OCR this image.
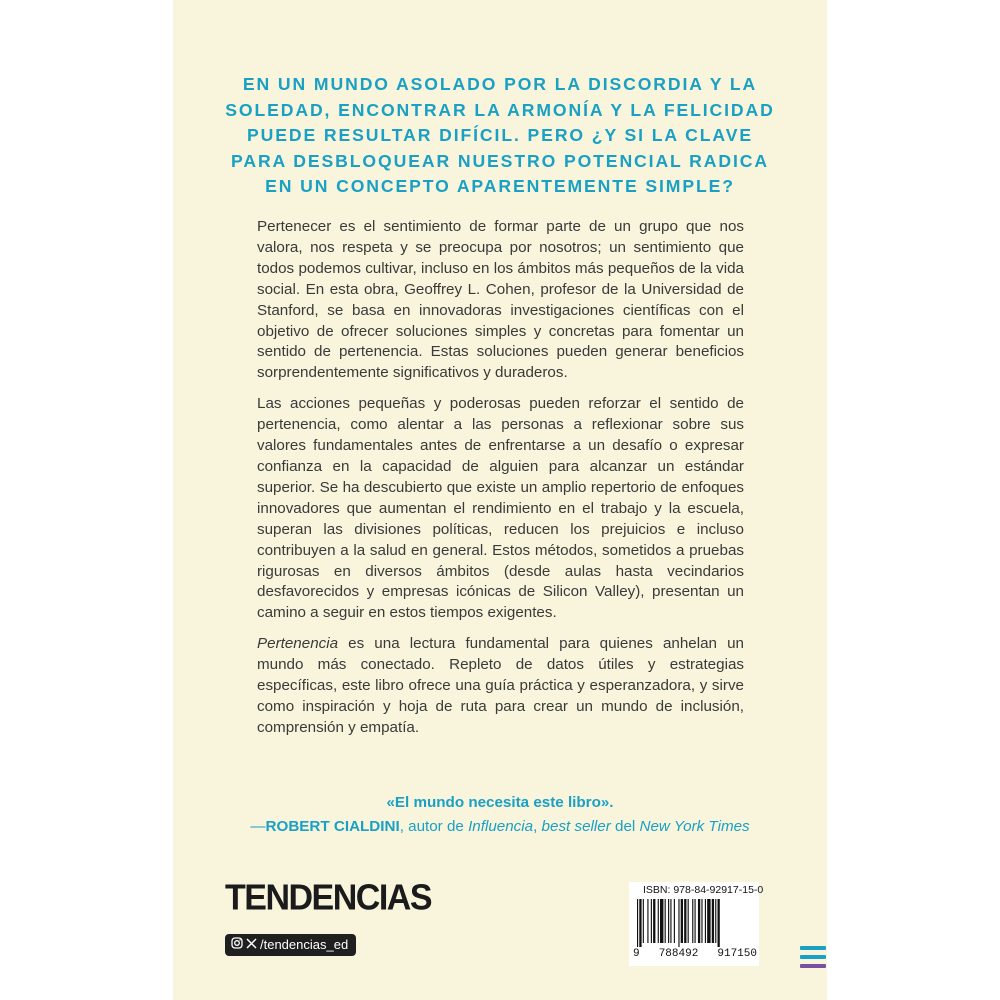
EN UN MUNDO ASOLADO POR LA DISCORDIA Y LA
SOLEDAD, ENCONTRAR LA ARMONÍA Y LA FELICIDAD
PUEDE RESULTAR DIFÍCIL. PERO ¿Y SI LA CLAVE
PARA DESBLOQUEAR NUESTRO POTENCIAL RADICA
EN UN CONCEPTO APARENTEMENTE SIMPLE?

Pertenecer es el sentimiento de formar parte de un grupo que nos valora, nos respeta y se preocupa por nosotros; un sentimiento que todos podemos cultivar, incluso en los ámbitos más pequeños de la vida social. En esta obra, Geoffrey L. Cohen, profesor de la Universidad de Stanford, se basa en innovadoras investigaciones científicas con el objetivo de ofrecer soluciones simples y concretas para fomentar un sentido de pertenencia. Estas soluciones pueden generar beneficios sorprendentemente significativos y duraderos.

Las acciones pequeñas y poderosas pueden reforzar el sentido de pertenencia, como alentar a las personas a reflexionar sobre sus valores fundamentales antes de enfrentarse a un desafío o expresar confianza en la capacidad de alguien para alcanzar un estándar superior. Se ha descubierto que existe un amplio repertorio de enfoques innovadores que aumentan el rendimiento en el trabajo y la escuela, superan las divisiones políticas, reducen los prejuicios e incluso contribuyen a la salud en general. Estos métodos, sometidos a pruebas rigurosas en diversos ámbitos (desde aulas hasta vecindarios desfavorecidos y empresas icónicas de Silicon Valley), presentan un camino a seguir en estos tiempos exigentes.

Pertenencia es una lectura fundamental para quienes anhelan un mundo más conectado. Repleto de datos útiles y estrategias específicas, este libro ofrece una guía práctica y esperanzadora, y sirve como inspiración y hoja de ruta para crear un mundo de inclusión, comprensión y empatía.

«El mundo necesita este libro».
—ROBERT CIALDINI, autor de Influencia, best seller del New York Times
TENDENCIAS
/tendencias_ed
ISBN: 978-84-92917-15-0
9 788492 917150
